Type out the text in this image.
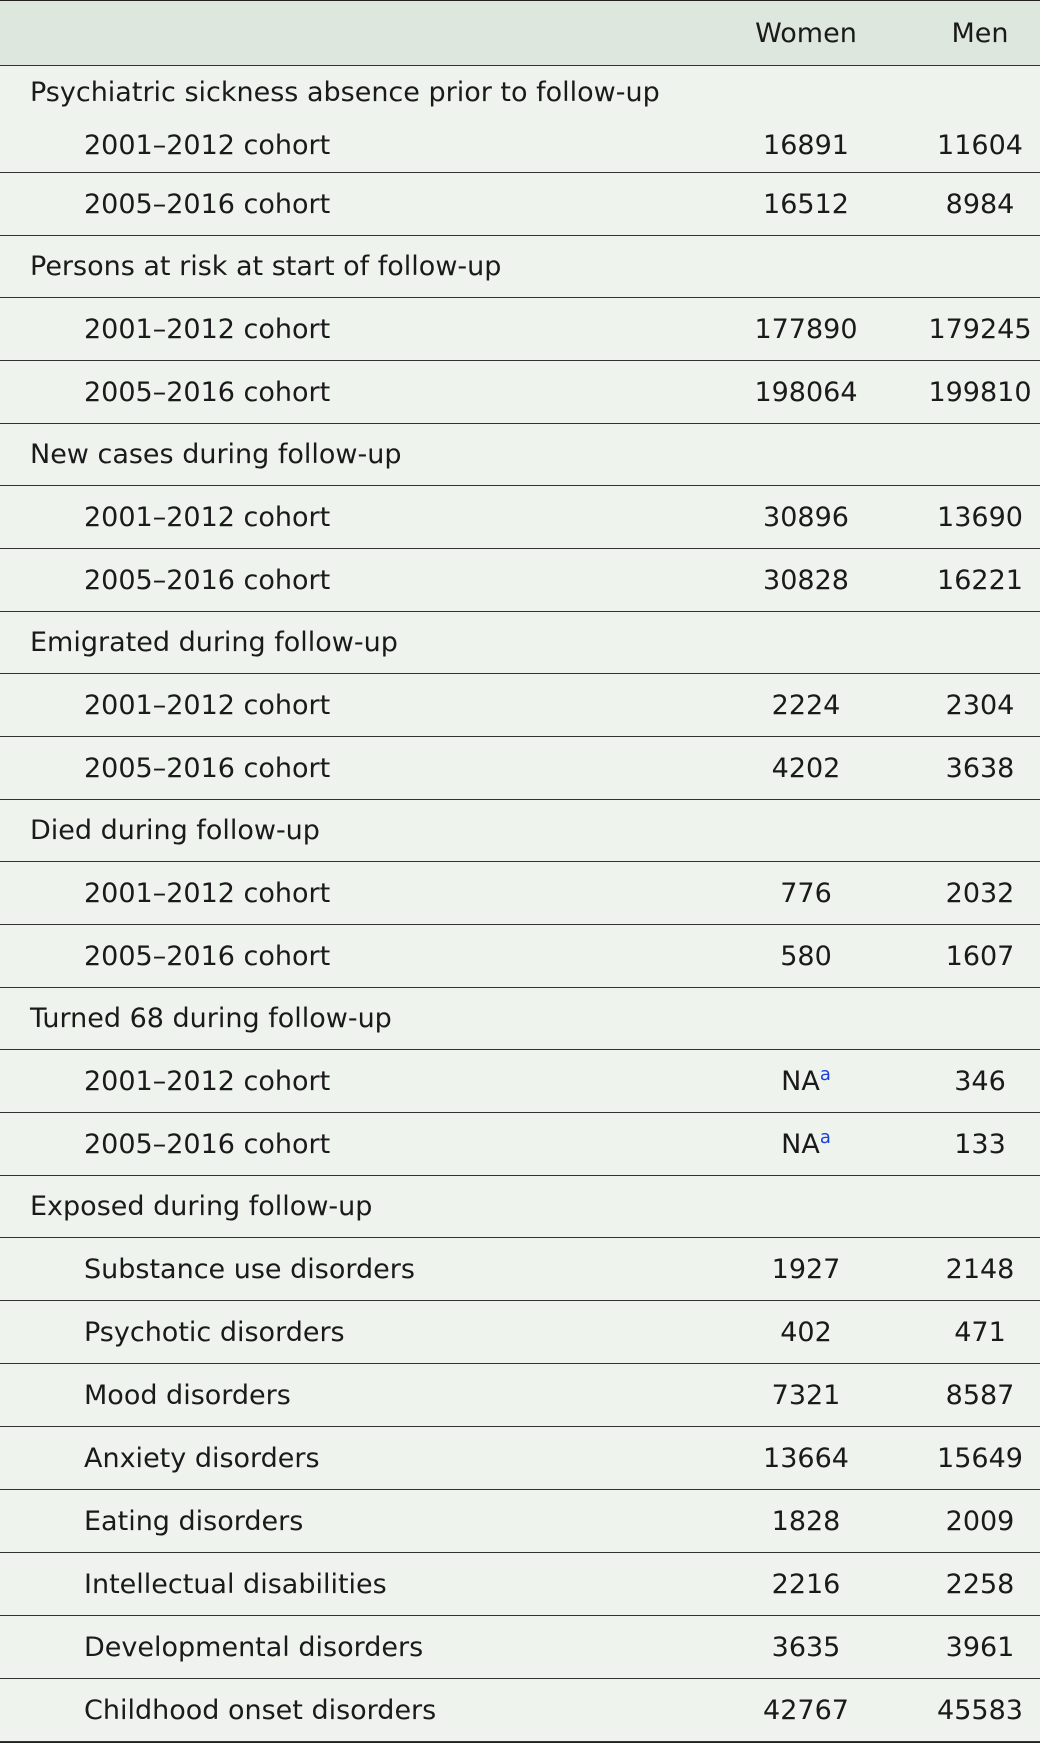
Women	Men
Psychiatric sickness absence prior to follow-up
2001–2012 cohort	16891	11604
2005–2016 cohort	16512	8984
Persons at risk at start of follow-up
2001–2012 cohort	177890	179245
2005–2016 cohort	198064	199810
New cases during follow-up
2001–2012 cohort	30896	13690
2005–2016 cohort	30828	16221
Emigrated during follow-up
2001–2012 cohort	2224	2304
2005–2016 cohort	4202	3638
Died during follow-up
2001–2012 cohort	776	2032
2005–2016 cohort	580	1607
Turned 68 during follow-up
2001–2012 cohort	$NA^a$	346
2005–2016 cohort	$NA^a$	133
Exposed during follow-up
Substance use disorders	1927	2148
Psychotic disorders	402	471
Mood disorders	7321	8587
Anxiety disorders	13664	15649
Eating disorders	1828	2009
Intellectual disabilities	2216	2258
Developmental disorders	3635	3961
Childhood onset disorders	42767	45583
